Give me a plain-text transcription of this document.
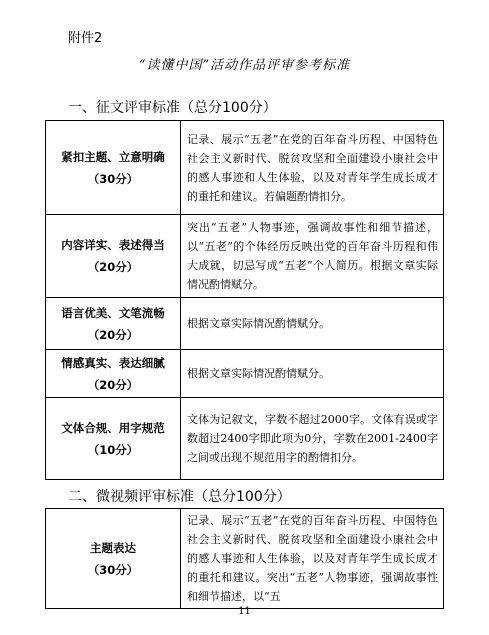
附件2
“读懂中国”活动作品评审参考标准
一、征文评审标准（总分100分）
紧扣主题、立意明确
（30分）	记录、展示“五老”在党的百年奋斗历程、中国特色社会主义新时代、脱贫攻坚和全面建设小康社会中的感人事迹和人生体验，以及对青年学生成长成才的重托和建议。若偏题酌情扣分。

内容详实、表述得当
（20分）	突出“五老”人物事迹，强调故事性和细节描述，以“五老”的个体经历反映出党的百年奋斗历程和伟大成就，切忌写成“五老”个人简历。根据文章实际情况酌情赋分。

语言优美、文笔流畅
（20分）	根据文章实际情况酌情赋分。

情感真实、表达细腻
（20分）	根据文章实际情况酌情赋分。

文体合规、用字规范
（10分）	文体为记叙文，字数不超过2000字。文体有误或字数超过2400字即此项为0分，字数在2001-2400字之间或出现不规范用字的酌情扣分。
二、微视频评审标准（总分100分）
主题表达
（30分）
	记录、展示“五老”在党的百年奋斗历程、中国特色社会主义新时代、脱贫攻坚和全面建设小康社会中的感人事迹和人生体验，以及对青年学生成长成才的重托和建议。突出“五老”人物事迹，强调故事性和细节描述，以“五
11
